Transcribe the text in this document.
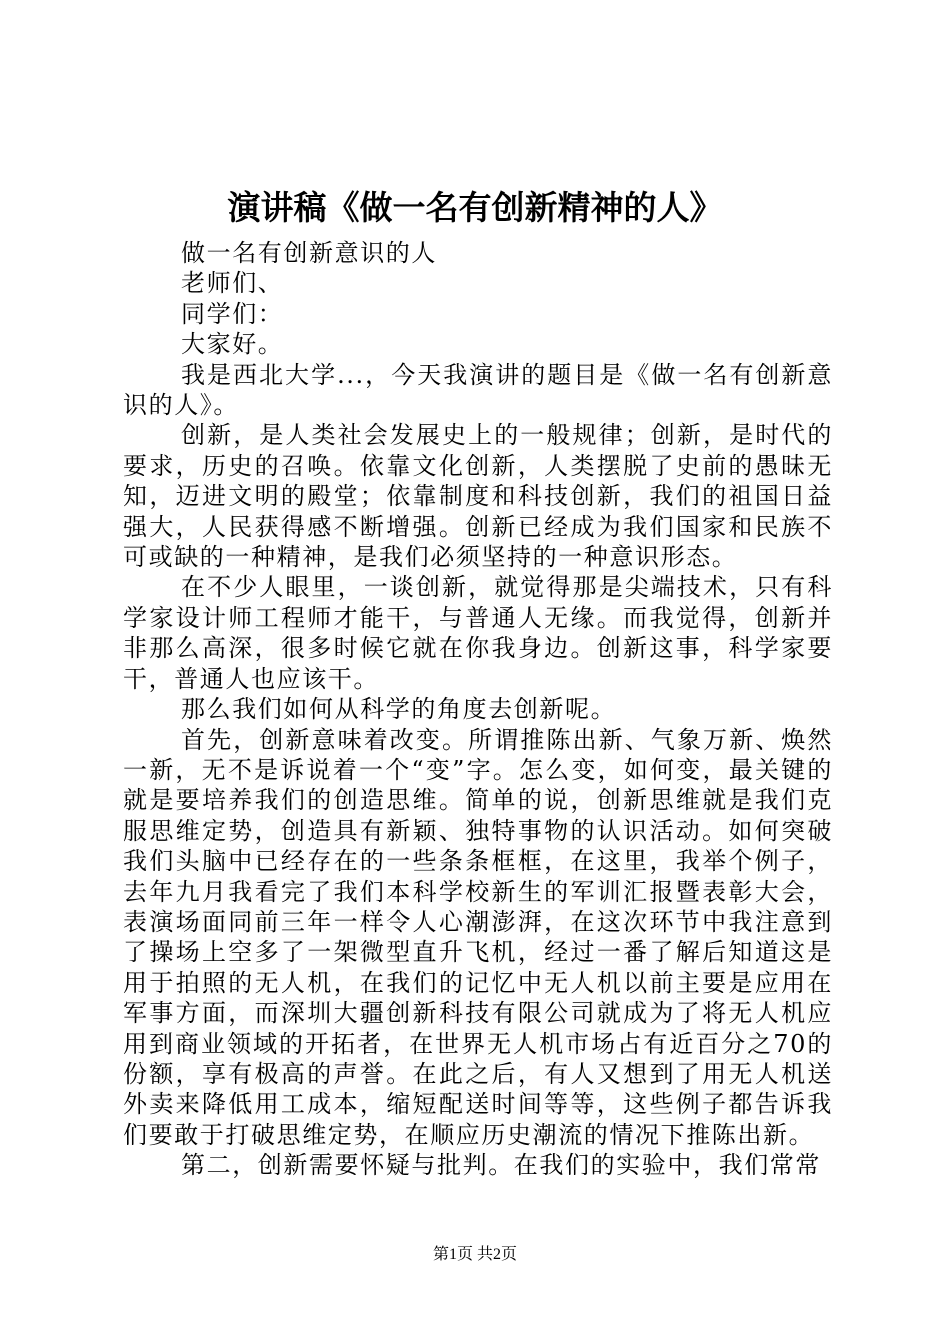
演讲稿《做一名有创新精神的人》

做一名有创新意识的人

老师们、

同学们：

大家好。

我是西北大学...，今天我演讲的题目是《做一名有创新意识的人》。

创新，是人类社会发展史上的一般规律；创新，是时代的要求，历史的召唤。依靠文化创新，人类摆脱了史前的愚昧无知，迈进文明的殿堂；依靠制度和科技创新，我们的祖国日益强大，人民获得感不断增强。创新已经成为我们国家和民族不可或缺的一种精神，是我们必须坚持的一种意识形态。

在不少人眼里，一谈创新，就觉得那是尖端技术，只有科学家设计师工程师才能干，与普通人无缘。而我觉得，创新并非那么高深，很多时候它就在你我身边。创新这事，科学家要干，普通人也应该干。

那么我们如何从科学的角度去创新呢。

首先，创新意味着改变。所谓推陈出新、气象万新、焕然一新，无不是诉说着一个“变”字。怎么变，如何变，最关键的就是要培养我们的创造思维。简单的说，创新思维就是我们克服思维定势，创造具有新颖、独特事物的认识活动。如何突破我们头脑中已经存在的一些条条框框，在这里，我举个例子，去年九月我看完了我们本科学校新生的军训汇报暨表彰大会，表演场面同前三年一样令人心潮澎湃，在这次环节中我注意到了操场上空多了一架微型直升飞机，经过一番了解后知道这是用于拍照的无人机，在我们的记忆中无人机以前主要是应用在军事方面，而深圳大疆创新科技有限公司就成为了将无人机应用到商业领域的开拓者，在世界无人机市场占有近百分之70的份额，享有极高的声誉。在此之后，有人又想到了用无人机送外卖来降低用工成本，缩短配送时间等等，这些例子都告诉我们要敢于打破思维定势，在顺应历史潮流的情况下推陈出新。

第二，创新需要怀疑与批判。在我们的实验中，我们常常

第1页 共2页
